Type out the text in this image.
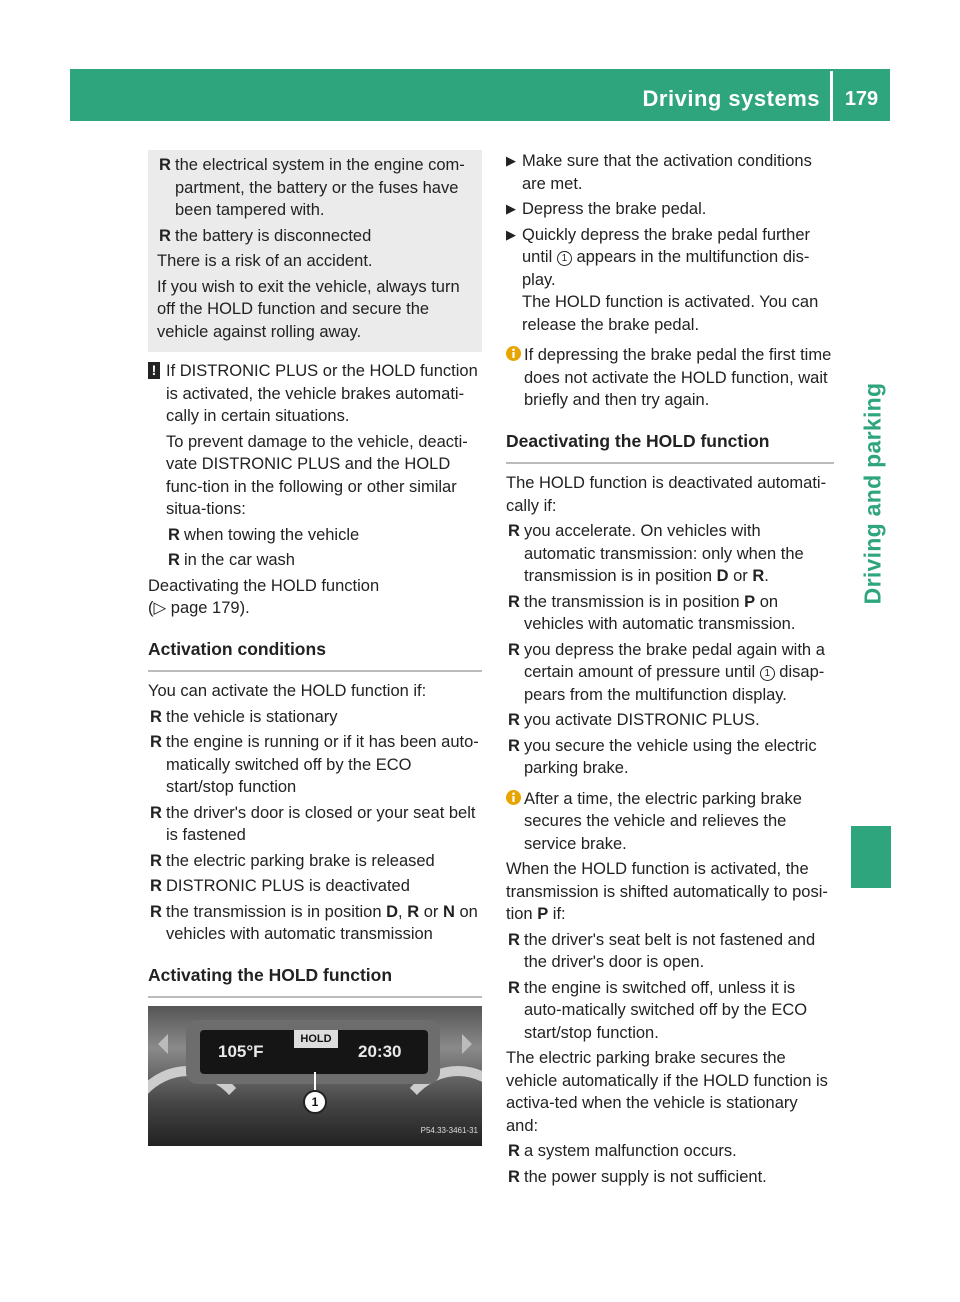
Driving systems	179
Driving and parking
R the electrical system in the engine com-partment, the battery or the fuses have been tampered with.
R the battery is disconnected
There is a risk of an accident.
If you wish to exit the vehicle, always turn off the HOLD function and secure the vehicle against rolling away.
! If DISTRONIC PLUS or the HOLD function is activated, the vehicle brakes automati-cally in certain situations.
To prevent damage to the vehicle, deacti-vate DISTRONIC PLUS and the HOLD func-tion in the following or other similar situa-tions:
R when towing the vehicle
R in the car wash
Deactivating the HOLD function
(▷ page 179).
Activation conditions
You can activate the HOLD function if:
R the vehicle is stationary
R the engine is running or if it has been auto-matically switched off by the ECO start/stop function
R the driver's door is closed or your seat belt is fastened
R the electric parking brake is released
R DISTRONIC PLUS is deactivated
R the transmission is in position D, R or N on vehicles with automatic transmission
Activating the HOLD function
105°F
HOLD
20:30
1
P54.33-3461-31
▶ Make sure that the activation conditions are met.
▶ Depress the brake pedal.
▶ Quickly depress the brake pedal further until 1 appears in the multifunction dis-play.
The HOLD function is activated. You can release the brake pedal.
If depressing the brake pedal the first time does not activate the HOLD function, wait briefly and then try again.
Deactivating the HOLD function
The HOLD function is deactivated automati-cally if:
R you accelerate. On vehicles with automatic transmission: only when the transmission is in position D or R.
R the transmission is in position P on vehicles with automatic transmission.
R you depress the brake pedal again with a certain amount of pressure until 1 disap-pears from the multifunction display.
R you activate DISTRONIC PLUS.
R you secure the vehicle using the electric parking brake.
After a time, the electric parking brake secures the vehicle and relieves the service brake.
When the HOLD function is activated, the transmission is shifted automatically to posi-tion P if:
R the driver's seat belt is not fastened and the driver's door is open.
R the engine is switched off, unless it is auto-matically switched off by the ECO start/stop function.
The electric parking brake secures the vehicle automatically if the HOLD function is activa-ted when the vehicle is stationary and:
R a system malfunction occurs.
R the power supply is not sufficient.
